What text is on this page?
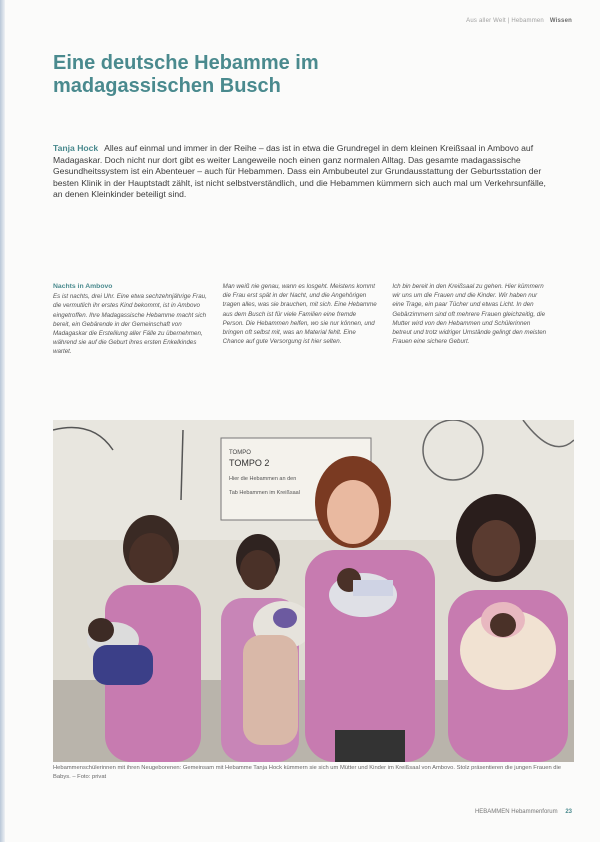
Aus aller Welt | Hebammen Wissen
Eine deutsche Hebamme im
madagassischen Busch

Tanja Hock Alles auf einmal und immer in der Reihe – das ist in etwa die Grundregel in dem kleinen Kreißsaal in Ambovo auf Madagaskar. Doch nicht nur dort gibt es weiter Langeweile noch einen ganz normalen Alltag. Das gesamte madagassische Gesundheitssystem ist ein Abenteuer – auch für Hebammen. Dass ein Ambubeutel zur Grundausstattung der Geburtsstation der besten Klinik in der Hauptstadt zählt, ist nicht selbstverständlich, und die Hebammen kümmern sich auch mal um Verkehrsunfälle, an denen Kleinkinder beteiligt sind.

Nachts in Ambovo
Es ist nachts, drei Uhr. Eine etwa sechzehnjährige Frau, die vermutlich ihr erstes Kind bekommt, ist in Ambovo eingetroffen. Ihre Madagassische Hebamme macht sich bereit, ein Gebärende in der Gemeinschaft von Madagaskar die Erstelilung aller Fälle zu übernehmen, während sie auf die Geburt ihres ersten Enkelkindes wartet.
Man weiß nie genau, wann es losgeht. Meistens kommt die Frau erst spät in der Nacht, und die Angehörigen tragen alles, was sie brauchen, mit sich. Eine Hebamme aus dem Busch ist für viele Familien eine fremde Person. Die Hebammen helfen, wo sie nur können, und bringen oft selbst mit, was an Material fehlt. Eine Chance auf gute Versorgung ist hier selten.
Ich bin bereit in den Kreißsaal zu gehen. Hier kümmern wir uns um die Frauen und die Kinder. Wir haben nur eine Trage, ein paar Tücher und etwas Licht. In den Gebärzimmern sind oft mehrere Frauen gleichzeitig, die Mutter wird von den Hebammen und Schülerinnen betreut und trotz widriger Umstände gelingt den meisten Frauen eine sichere Geburt.
TOMPO
TOMPO 2
Hier die Hebammen an den
Tab Hebammen im Kreißsaal

Hebammenschülerinnen mit ihren Neugeborenen: Gemeinsam mit Hebamme Tanja Hock kümmern sie sich um Mütter und Kinder im Kreißsaal von Ambovo. Stolz präsentieren die jungen Frauen die Babys. – Foto: privat

HEBAMMEN Hebammenforum 23
